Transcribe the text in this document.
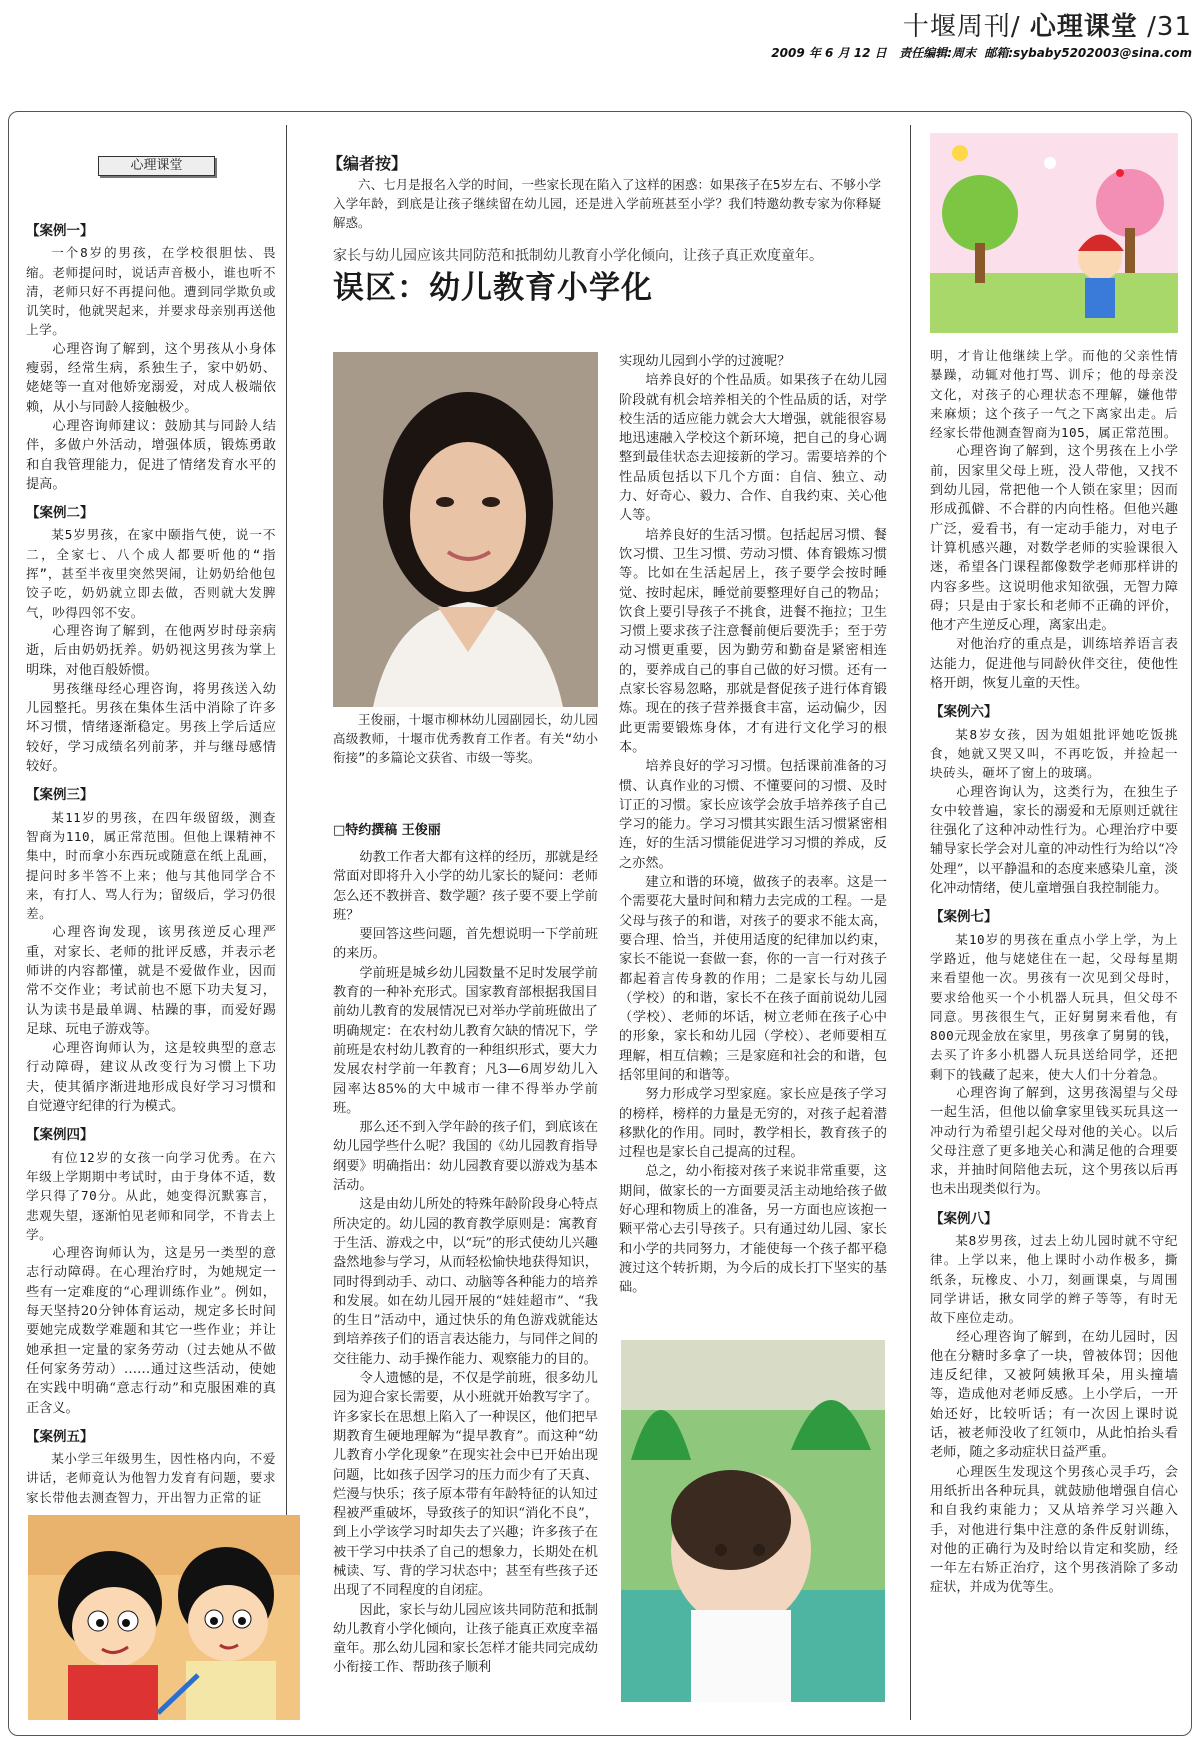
十堰周刊/ 心理课堂 /31
2009 年 6 月 12 日 责任编辑:周末 邮箱:sybaby5202003@sina.com
心理课堂
【案例一】

一个8岁的男孩，在学校很胆怯、畏缩。老师提问时，说话声音极小，谁也听不清，老师只好不再提问他。遭到同学欺负或讥笑时，他就哭起来，并要求母亲别再送他上学。

心理咨询了解到，这个男孩从小身体瘦弱，经常生病，系独生子，家中奶奶、姥姥等一直对他娇宠溺爱，对成人极端依赖，从小与同龄人接触极少。

心理咨询师建议：鼓励其与同龄人结伴，多做户外活动，增强体质，锻炼勇敢和自我管理能力，促进了情绪发育水平的提高。

【案例二】

某5岁男孩，在家中颐指气使，说一不二，全家七、八个成人都要听他的“指挥”，甚至半夜里突然哭闹，让奶奶给他包饺子吃，奶奶就立即去做，否则就大发脾气，吵得四邻不安。

心理咨询了解到，在他两岁时母亲病逝，后由奶奶抚养。奶奶视这男孩为掌上明珠，对他百般娇惯。

男孩继母经心理咨询，将男孩送入幼儿园整托。男孩在集体生活中消除了许多坏习惯，情绪逐渐稳定。男孩上学后适应较好，学习成绩名列前茅，并与继母感情较好。

【案例三】

某11岁的男孩，在四年级留级，测查智商为110，属正常范围。但他上课精神不集中，时而拿小东西玩或随意在纸上乱画，提问时多半答不上来；他与其他同学合不来，有打人、骂人行为；留级后，学习仍很差。

心理咨询发现，该男孩逆反心理严重，对家长、老师的批评反感，并表示老师讲的内容都懂，就是不爱做作业，因而常不交作业；考试前也不愿下功夫复习，认为读书是最单调、枯躁的事，而爱好踢足球、玩电子游戏等。

心理咨询师认为，这是较典型的意志行动障碍，建议从改变行为习惯上下功夫，使其循序渐进地形成良好学习习惯和自觉遵守纪律的行为模式。

【案例四】

有位12岁的女孩一向学习优秀。在六年级上学期期中考试时，由于身体不适，数学只得了70分。从此，她变得沉默寡言，悲观失望，逐渐怕见老师和同学，不肯去上学。

心理咨询师认为，这是另一类型的意志行动障碍。在心理治疗时，为她规定一些有一定难度的“心理训练作业”。例如，每天坚持20分钟体育运动，规定多长时间要她完成数学难题和其它一些作业；并让她承担一定量的家务劳动（过去她从不做任何家务劳动）……通过这些活动，使她在实践中明确“意志行动”和克服困难的真正含义。

【案例五】

某小学三年级男生，因性格内向，不爱讲话，老师竟认为他智力发育有问题，要求家长带他去测查智力，开出智力正常的证

【编者按】

六、七月是报名入学的时间，一些家长现在陷入了这样的困惑：如果孩子在5岁左右、不够小学入学年龄，到底是让孩子继续留在幼儿园，还是进入学前班甚至小学？我们特邀幼教专家为你释疑解惑。

家长与幼儿园应该共同防范和抵制幼儿教育小学化倾向，让孩子真正欢度童年。
误区：幼儿教育小学化

王俊丽，十堰市柳林幼儿园副园长，幼儿园高级教师，十堰市优秀教育工作者。有关“幼小衔接”的多篇论文获省、市级一等奖。

□特约撰稿 王俊丽

幼教工作者大都有这样的经历，那就是经常面对即将升入小学的幼儿家长的疑问：老师怎么还不教拼音、数学题？孩子要不要上学前班？

要回答这些问题，首先想说明一下学前班的来历。

学前班是城乡幼儿园数量不足时发展学前教育的一种补充形式。国家教育部根据我国目前幼儿教育的发展情况已对举办学前班做出了明确规定：在农村幼儿教育欠缺的情况下，学前班是农村幼儿教育的一种组织形式，要大力发展农村学前一年教育；凡3—6周岁幼儿入园率达85%的大中城市一律不得举办学前班。

那么还不到入学年龄的孩子们，到底该在幼儿园学些什么呢？我国的《幼儿园教育指导纲要》明确指出：幼儿园教育要以游戏为基本活动。

这是由幼儿所处的特殊年龄阶段身心特点所决定的。幼儿园的教育教学原则是：寓教育于生活、游戏之中，以“玩”的形式使幼儿兴趣盎然地参与学习，从而轻松愉快地获得知识，同时得到动手、动口、动脑等各种能力的培养和发展。如在幼儿园开展的“娃娃超市”、“我的生日”活动中，通过快乐的角色游戏就能达到培养孩子们的语言表达能力，与同伴之间的交往能力、动手操作能力、观察能力的目的。

令人遗憾的是，不仅是学前班，很多幼儿园为迎合家长需要，从小班就开始教写字了。许多家长在思想上陷入了一种误区，他们把早期教育生硬地理解为“提早教育”。而这种“幼儿教育小学化现象”在现实社会中已开始出现问题，比如孩子因学习的压力而少有了天真、烂漫与快乐；孩子原本带有年龄特征的认知过程被严重破坏，导致孩子的知识“消化不良”，到上小学该学习时却失去了兴趣；许多孩子在被干学习中扶杀了自己的想象力，长期处在机械读、写、背的学习状态中；甚至有些孩子还出现了不同程度的自闭症。

因此，家长与幼儿园应该共同防范和抵制幼儿教育小学化倾向，让孩子能真正欢度幸福童年。那么幼儿园和家长怎样才能共同完成幼小衔接工作、帮助孩子顺利

实现幼儿园到小学的过渡呢？

培养良好的个性品质。如果孩子在幼儿园阶段就有机会培养相关的个性品质的话，对学校生活的适应能力就会大大增强，就能很容易地迅速融入学校这个新环境，把自己的身心调整到最佳状态去迎接新的学习。需要培养的个性品质包括以下几个方面：自信、独立、动力、好奇心、毅力、合作、自我约束、关心他人等。

培养良好的生活习惯。包括起居习惯、餐饮习惯、卫生习惯、劳动习惯、体育锻炼习惯等。比如在生活起居上，孩子要学会按时睡觉、按时起床，睡觉前要整理好自己的物品；饮食上要引导孩子不挑食，进餐不拖拉；卫生习惯上要求孩子注意餐前便后要洗手；至于劳动习惯更重要，因为勤劳和勤奋是紧密相连的，要养成自己的事自己做的好习惯。还有一点家长容易忽略，那就是督促孩子进行体育锻炼。现在的孩子营养摄食丰富，运动偏少，因此更需要锻炼身体，才有进行文化学习的根本。

培养良好的学习习惯。包括课前准备的习惯、认真作业的习惯、不懂要问的习惯、及时订正的习惯。家长应该学会放手培养孩子自己学习的能力。学习习惯其实跟生活习惯紧密相连，好的生活习惯能促进学习习惯的养成，反之亦然。

建立和谐的环境，做孩子的表率。这是一个需要花大量时间和精力去完成的工程。一是父母与孩子的和谐，对孩子的要求不能太高，要合理、恰当，并使用适度的纪律加以约束，家长不能说一套做一套，你的一言一行对孩子都起着言传身教的作用；二是家长与幼儿园（学校）的和谐，家长不在孩子面前说幼儿园（学校）、老师的坏话，树立老师在孩子心中的形象，家长和幼儿园（学校）、老师要相互理解，相互信赖；三是家庭和社会的和谐，包括邻里间的和谐等。

努力形成学习型家庭。家长应是孩子学习的榜样，榜样的力量是无穷的，对孩子起着潜移默化的作用。同时，教学相长，教育孩子的过程也是家长自己提高的过程。

总之，幼小衔接对孩子来说非常重要，这期间，做家长的一方面要灵活主动地给孩子做好心理和物质上的准备，另一方面也应该抱一颗平常心去引导孩子。只有通过幼儿园、家长和小学的共同努力，才能使每一个孩子都平稳渡过这个转折期，为今后的成长打下坚实的基础。

明，才肯让他继续上学。而他的父亲性情暴躁，动辄对他打骂、训斥；他的母亲没文化，对孩子的心理状态不理解，嫌他带来麻烦；这个孩子一气之下离家出走。后经家长带他测查智商为105，属正常范围。

心理咨询了解到，这个男孩在上小学前，因家里父母上班，没人带他，又找不到幼儿园，常把他一个人锁在家里；因而形成孤僻、不合群的内向性格。但他兴趣广泛，爱看书，有一定动手能力，对电子计算机感兴趣，对数学老师的实验课很入迷，希望各门课程都像数学老师那样讲的内容多些。这说明他求知欲强，无智力障碍；只是由于家长和老师不正确的评价，他才产生逆反心理，离家出走。

对他治疗的重点是，训练培养语言表达能力，促进他与同龄伙伴交往，使他性格开朗，恢复儿童的天性。

【案例六】

某8岁女孩，因为姐姐批评她吃饭挑食，她就又哭又叫，不再吃饭，并捡起一块砖头，砸坏了窗上的玻璃。

心理咨询认为，这类行为，在独生子女中较普遍，家长的溺爱和无原则迁就往往强化了这种冲动性行为。心理治疗中要辅导家长学会对儿童的冲动性行为给以“冷处理”，以平静温和的态度来感染儿童，淡化冲动情绪，使儿童增强自我控制能力。

【案例七】

某10岁的男孩在重点小学上学，为上学路近，他与姥姥住在一起，父母每星期来看望他一次。男孩有一次见到父母时，要求给他买一个小机器人玩具，但父母不同意。男孩很生气，正好舅舅来看他，有800元现金放在家里，男孩拿了舅舅的钱，去买了许多小机器人玩具送给同学，还把剩下的钱藏了起来，使大人们十分着急。

心理咨询了解到，这男孩渴望与父母一起生活，但他以偷拿家里钱买玩具这一冲动行为希望引起父母对他的关心。以后父母注意了更多地关心和满足他的合理要求，并抽时间陪他去玩，这个男孩以后再也未出现类似行为。

【案例八】

某8岁男孩，过去上幼儿园时就不守纪律。上学以来，他上课时小动作极多，撕纸条，玩橡皮、小刀，刻画课桌，与周围同学讲话，揪女同学的辫子等等，有时无故下座位走动。

经心理咨询了解到，在幼儿园时，因他在分糖时多拿了一块，曾被体罚；因他违反纪律，又被阿姨揪耳朵，用头撞墙等，造成他对老师反感。上小学后，一开始还好，比较听话；有一次因上课时说话，被老师没收了红领巾，从此怕抬头看老师，随之多动症状日益严重。

心理医生发现这个男孩心灵手巧，会用纸折出各种玩具，就鼓励他增强自信心和自我约束能力；又从培养学习兴趣入手，对他进行集中注意的条件反射训练，对他的正确行为及时给以肯定和奖励，经一年左右矫正治疗，这个男孩消除了多动症状，并成为优等生。
